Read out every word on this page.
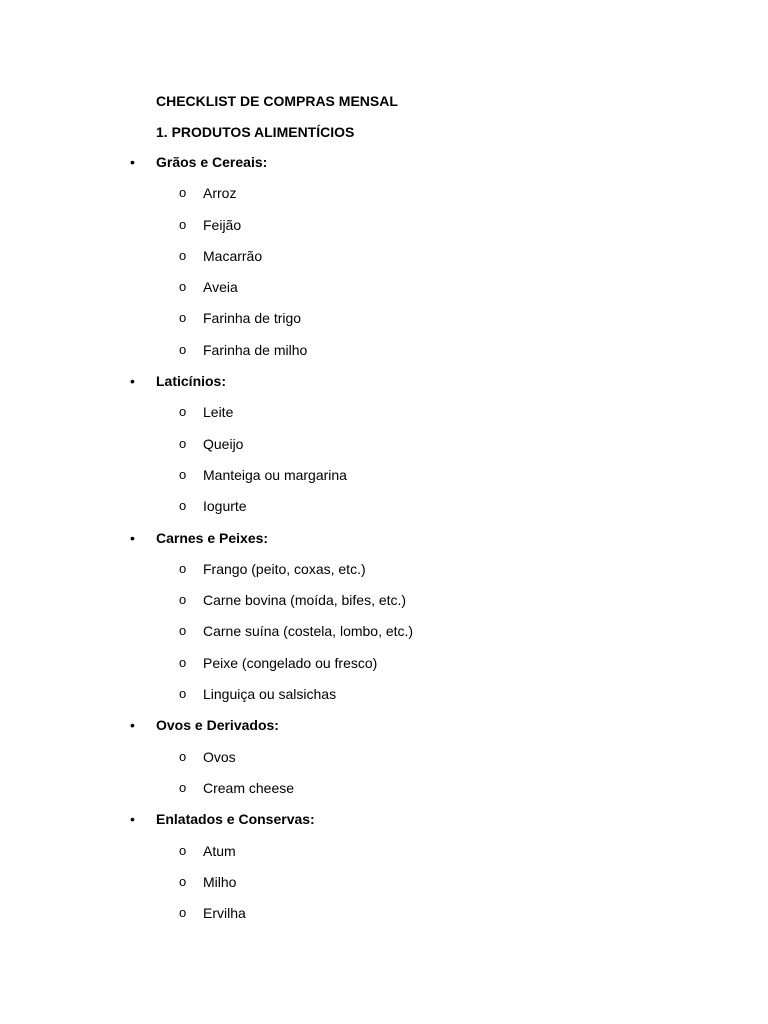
CHECKLIST DE COMPRAS MENSAL
1. PRODUTOS ALIMENTÍCIOS
• Grãos e Cereais:
o Arroz
o Feijão
o Macarrão
o Aveia
o Farinha de trigo
o Farinha de milho
• Laticínios:
o Leite
o Queijo
o Manteiga ou margarina
o Iogurte
• Carnes e Peixes:
o Frango (peito, coxas, etc.)
o Carne bovina (moída, bifes, etc.)
o Carne suína (costela, lombo, etc.)
o Peixe (congelado ou fresco)
o Linguiça ou salsichas
• Ovos e Derivados:
o Ovos
o Cream cheese
• Enlatados e Conservas:
o Atum
o Milho
o Ervilha
